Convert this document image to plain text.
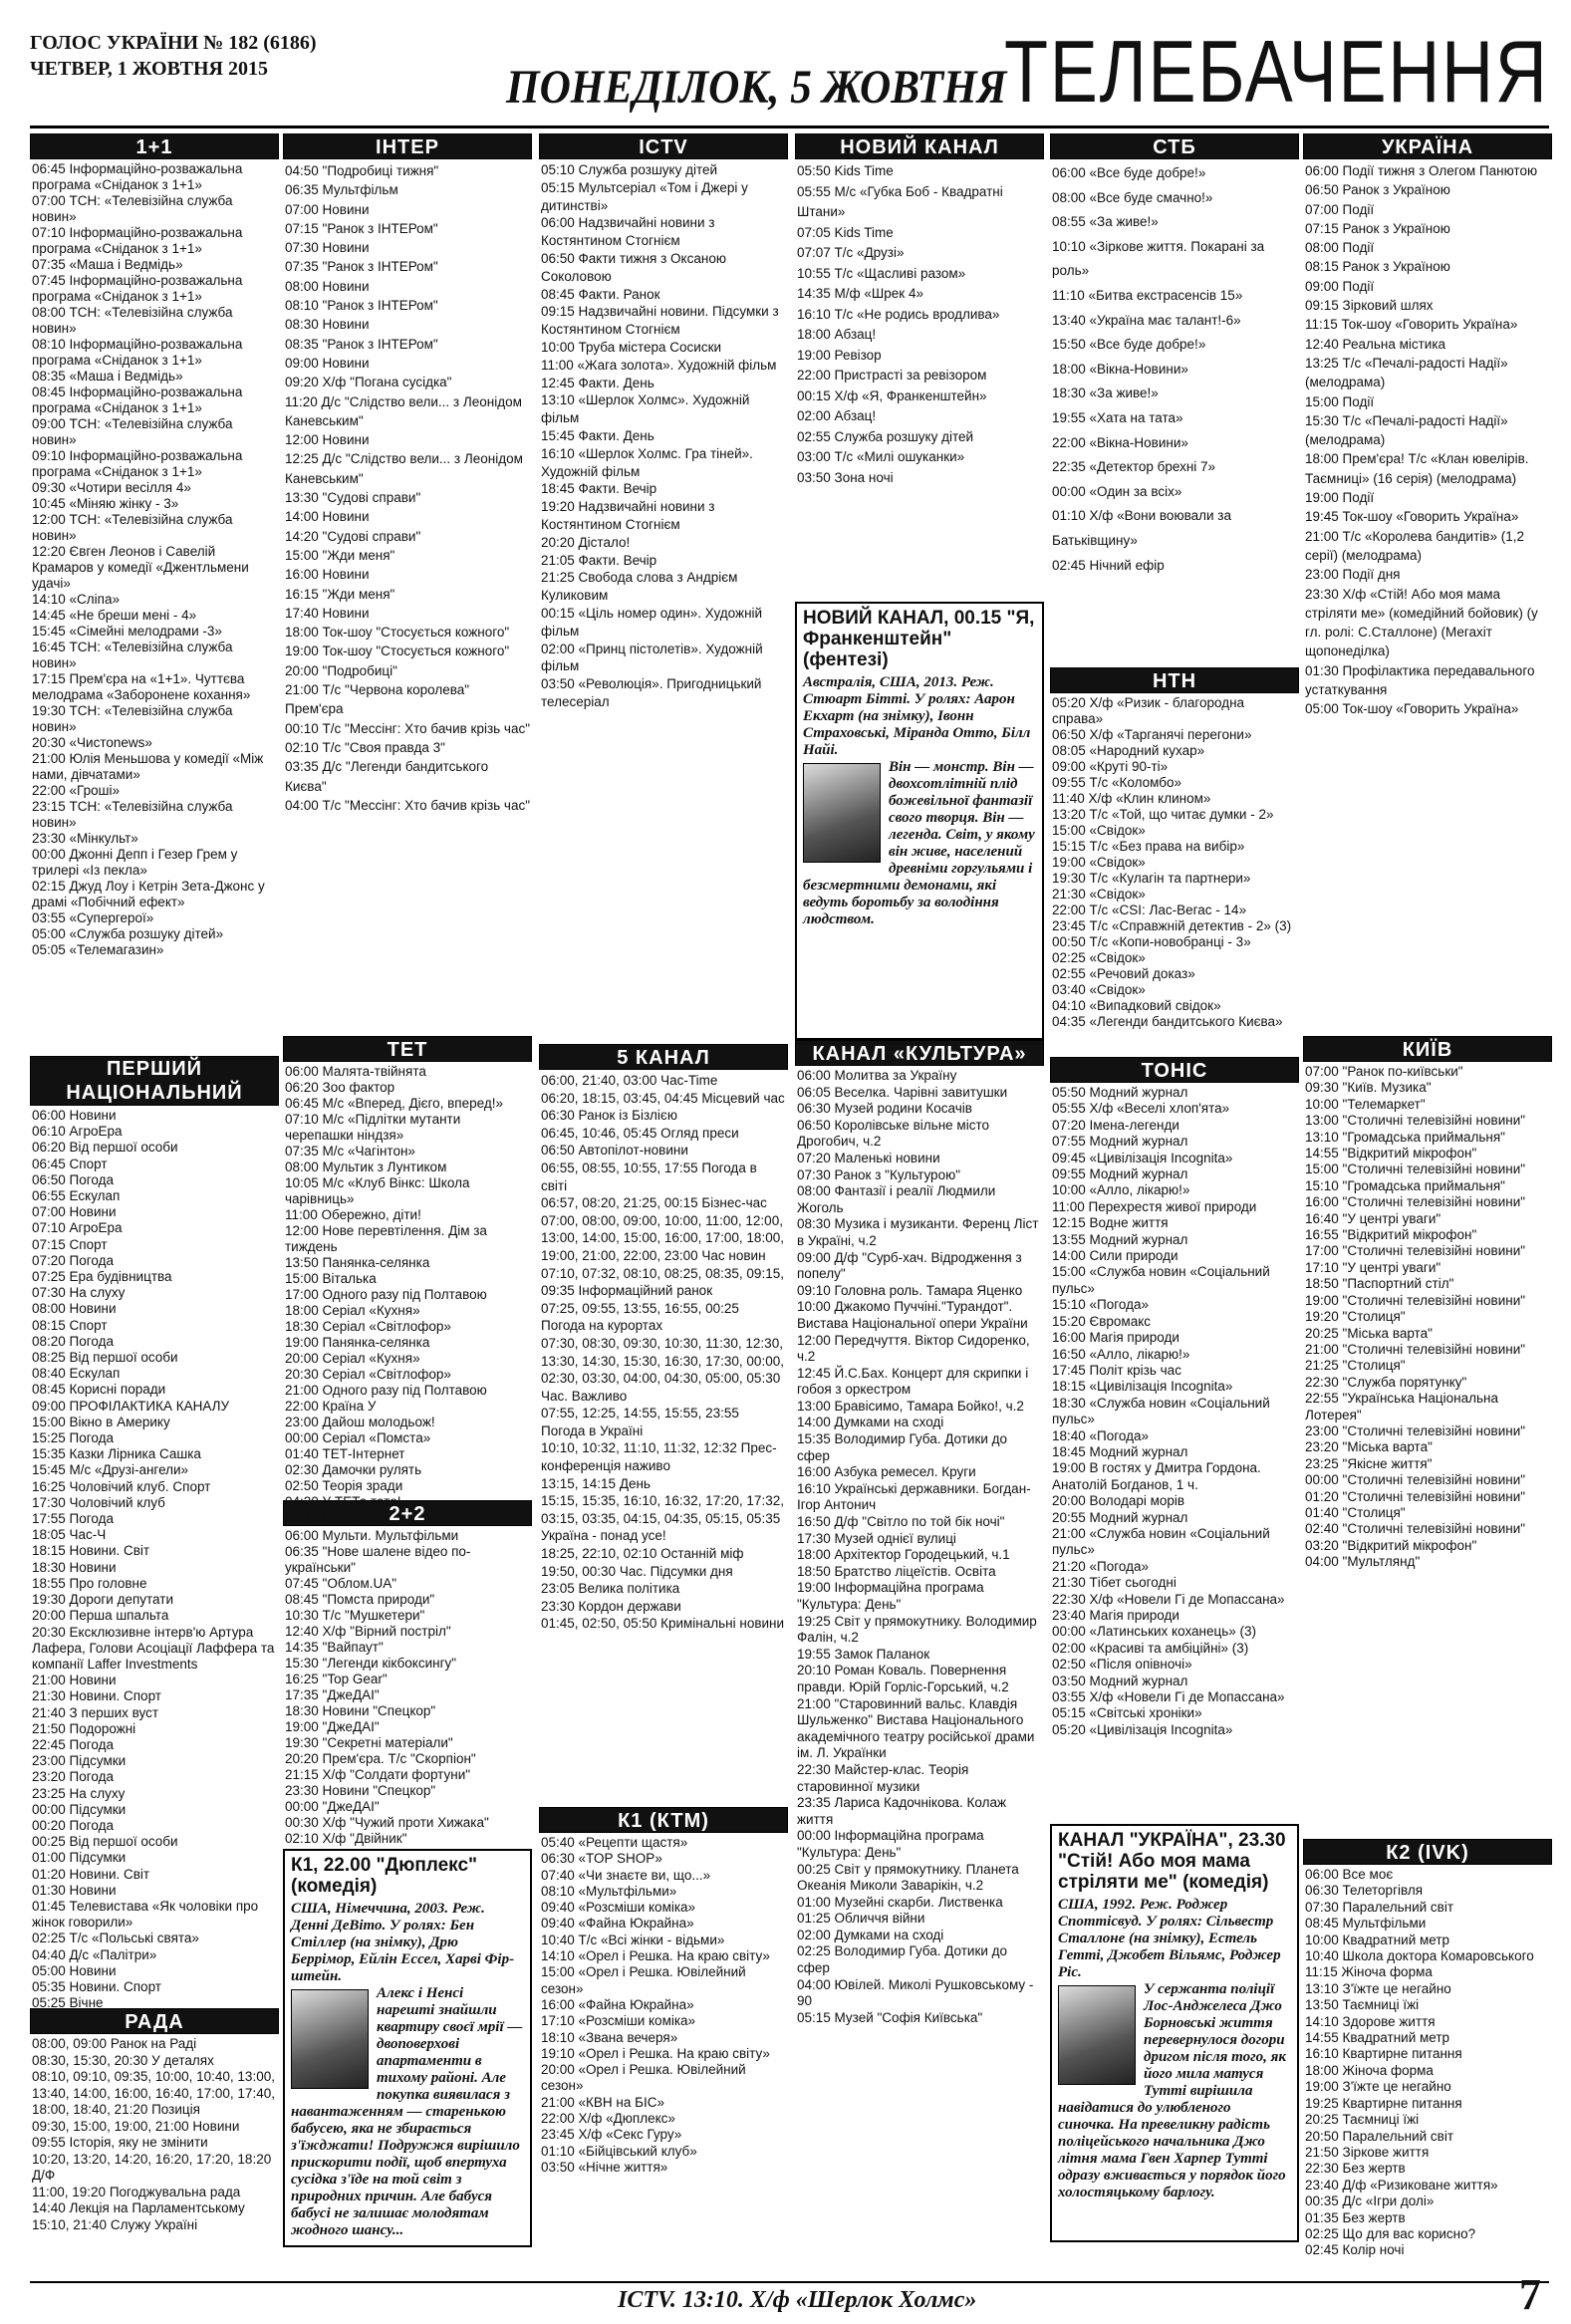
ГОЛОС УКРАЇНИ № 182 (6186)
ЧЕТВЕР, 1 ЖОВТНЯ 2015	ПОНЕДІЛОК, 5 ЖОВТНЯ
ТЕЛЕБАЧЕННЯ
1+1
06:45 Інформаційно-розважальна програма «Сніданок з 1+1»
07:00 ТСН: «Телевізійна служба новин»
07:10 Інформаційно-розважальна програма «Сніданок з 1+1»
07:35 «Маша і Ведмідь»
07:45 Інформаційно-розважальна програма «Сніданок з 1+1»
08:00 ТСН: «Телевізійна служба новин»
08:10 Інформаційно-розважальна програма «Сніданок з 1+1»
08:35 «Маша і Ведмідь»
08:45 Інформаційно-розважальна програма «Сніданок з 1+1»
09:00 ТСН: «Телевізійна служба новин»
09:10 Інформаційно-розважальна програма «Сніданок з 1+1»
09:30 «Чотири весілля 4»
10:45 «Міняю жінку - 3»
12:00 ТСН: «Телевізійна служба новин»
12:20 Євген Леонов і Савелій Крамаров у комедії «Джентльмени удачі»
14:10 «Сліпа»
14:45 «Не бреши мені - 4»
15:45 «Сімейні мелодрами -3»
16:45 ТСН: «Телевізійна служба новин»
17:15 Прем'єра на «1+1». Чуттєва мелодрама «Заборонене кохання»
19:30 ТСН: «Телевізійна служба новин»
20:30 «Чистоnews»
21:00 Юлія Меньшова у комедії «Між нами, дівчатами»
22:00 «Гроші»
23:15 ТСН: «Телевізійна служба новин»
23:30 «Мінкульт»
00:00 Джонні Депп і Гезер Грем у трилері «Із пекла»
02:15 Джуд Лоу і Кетрін Зета-Джонс у драмі «Побічний ефект»
03:55 «Супергерої»
05:00 «Служба розшуку дітей»
05:05 «Телемагазин»
ПЕРШИЙ НАЦІОНАЛЬНИЙ
06:00 Новини
06:10 АгроЕра
06:20 Від першої особи
06:45 Спорт
06:50 Погода
06:55 Ескулап
07:00 Новини
07:10 АгроЕра
07:15 Спорт
07:20 Погода
07:25 Ера будівництва
07:30 На слуху
08:00 Новини
08:15 Спорт
08:20 Погода
08:25 Від першої особи
08:40 Ескулап
08:45 Корисні поради
09:00 ПРОФІЛАКТИКА КАНАЛУ
15:00 Вікно в Америку
15:25 Погода
15:35 Казки Лірника Сашка
15:45 М/с «Друзі-ангели»
16:25 Чоловічий клуб. Спорт
17:30 Чоловічий клуб
17:55 Погода
18:05 Час-Ч
18:15 Новини. Світ
18:30 Новини
18:55 Про головне
19:30 Дороги депутати
20:00 Перша шпальта
20:30 Ексклюзивне інтерв'ю Артура Лафера, Голови Асоціації Лаффера та компанії Laffer Investments
21:00 Новини
21:30 Новини. Спорт
21:40 З перших вуст
21:50 Подорожні
22:45 Погода
23:00 Підсумки
23:20 Погода
23:25 На слуху
00:00 Підсумки
00:20 Погода
00:25 Від першої особи
01:00 Підсумки
01:20 Новини. Світ
01:30 Новини
01:45 Телевистава «Як чоловіки про жінок говорили»
02:25 Т/с «Польські свята»
04:40 Д/с «Палітри»
05:00 Новини
05:35 Новини. Спорт
05:25 Вічне
РАДА
08:00, 09:00 Ранок на Раді
08:30, 15:30, 20:30 У деталях
08:10, 09:10, 09:35, 10:00, 10:40, 13:00,
13:40, 14:00, 16:00, 16:40, 17:00, 17:40, 18:00, 18:40, 21:20 Позиція
09:30, 15:00, 19:00, 21:00 Новини
09:55 Історія, яку не змінити
10:20, 13:20, 14:20, 16:20, 17:20, 18:20 Д/Ф
11:00, 19:20 Погоджувальна рада
14:40 Лекція на Парламентському
15:10, 21:40 Служу Україні
ІНТЕР
04:50 "Подробиці тижня"
06:35 Мультфільм
07:00 Новини
07:15 "Ранок з ІНТЕРом"
07:30 Новини
07:35 "Ранок з ІНТЕРом"
08:00 Новини
08:10 "Ранок з ІНТЕРом"
08:30 Новини
08:35 "Ранок з ІНТЕРом"
09:00 Новини
09:20 Х/ф "Погана сусідка"
11:20 Д/с "Слідство вели... з Леонідом Каневським"
12:00 Новини
12:25 Д/с "Слідство вели... з Леонідом Каневським"
13:30 "Судові справи"
14:00 Новини
14:20 "Судові справи"
15:00 "Жди меня"
16:00 Новини
16:15 "Жди меня"
17:40 Новини
18:00 Ток-шоу "Стосується кожного"
19:00 Ток-шоу "Стосується кожного"
20:00 "Подробиці"
21:00 Т/с "Червона королева" Прем'єра
00:10 Т/с "Мессінг: Хто бачив крізь час"
02:10 Т/с "Своя правда 3"
03:35 Д/с "Легенди бандитського Києва"
04:00 Т/с "Мессінг: Хто бачив крізь час"
ТЕТ
06:00 Малята-твійнята
06:20 Зоо фактор
06:45 М/с «Вперед, Дієго, вперед!»
07:10 М/с «Підлітки мутанти черепашки ніндзя»
07:35 М/с «Чагінтон»
08:00 Мультик з Лунтиком
10:05 М/с «Клуб Вінкс: Школа чарівниць»
11:00 Обережно, діти!
12:00 Нове перевтілення. Дім за тиждень
13:50 Панянка-селянка
15:00 Віталька
17:00 Одного разу під Полтавою
18:00 Серіал «Кухня»
18:30 Серіал «Світлофор»
19:00 Панянка-селянка
20:00 Серіал «Кухня»
20:30 Серіал «Світлофор»
21:00 Одного разу під Полтавою
22:00 Країна У
23:00 Дайош молодьож!
00:00 Серіал «Помста»
01:40 ТЕТ-Інтернет
02:30 Дамочки рулять
02:50 Теорія зради
04:20 У ТЕТа тато!
05:10 Це любов 2+2
06:00 Мульти. Мультфільми
06:35 "Нове шалене відео по-українськи"
07:45 "Облом.UA"
08:45 "Помста природи"
10:30 Т/с "Мушкетери"
12:40 Х/ф "Вірний постріл"
14:35 "Вайпаут"
15:30 "Легенди кікбоксингу"
16:25 "Top Gear"
17:35 "ДжеДАІ"
18:30 Новини "Спецкор"
19:00 "ДжеДАІ"
19:30 "Секретні матеріали"
20:20 Прем'єра. Т/с "Скорпіон"
21:15 Х/ф "Солдати фортуни"
23:30 Новини "Спецкор"
00:00 "ДжеДАІ"
00:30 Х/ф "Чужий проти Хижака"
02:10 Х/ф "Двійник"
К1, 22.00 "Дюплекс" (комедія)
США, Німеччина, 2003. Реж. Денні ДеВіто. У ролях: Бен Стіллер (на знімку), Дрю Беррімор, Ейлін Ессел, Харві Фір-штейн.
Алекс і Ненсі нарешті знайшли квартиру своєї мрії — двоповерхові апартаменти в тихому районі. Але покупка виявилася з навантаженням — старенькою бабусею, яка не збирається з'їжджати! Подружжя вирішило прискорити події, щоб впертуха сусідка з'їде на той світ з природних причин. Але бабуся бабусі не залишає молодятам жодного шансу...
ICTV
05:10 Служба розшуку дітей
05:15 Мультсеріал «Том і Джері у дитинстві»
06:00 Надзвичайні новини з Костянтином Стогнієм
06:50 Факти тижня з Оксаною Соколовою
08:45 Факти. Ранок
09:15 Надзвичайні новини. Підсумки з Костянтином Стогнієм
10:00 Труба містера Сосиски
11:00 «Жага золота». Художній фільм
12:45 Факти. День
13:10 «Шерлок Холмс». Художній фільм
15:45 Факти. День
16:10 «Шерлок Холмс. Гра тіней». Художній фільм
18:45 Факти. Вечір
19:20 Надзвичайні новини з Костянтином Стогнієм
20:20 Дістало!
21:05 Факти. Вечір
21:25 Свобода слова з Андрієм Куликовим
00:15 «Ціль номер один». Художній фільм
02:00 «Принц пістолетів». Художній фільм
03:50 «Революція». Пригодницький телесеріал
5 КАНАЛ
06:00, 21:40, 03:00 Час-Time
06:20, 18:15, 03:45, 04:45 Місцевий час
06:30 Ранок із Бізлією
06:45, 10:46, 05:45 Огляд преси
06:50 Автопілот-новини
06:55, 08:55, 10:55, 17:55 Погода в світі
06:57, 08:20, 21:25, 00:15 Бізнес-час
07:00, 08:00, 09:00, 10:00, 11:00, 12:00, 13:00, 14:00, 15:00, 16:00, 17:00, 18:00, 19:00, 21:00, 22:00, 23:00 Час новин
07:10, 07:32, 08:10, 08:25, 08:35, 09:15, 09:35 Інформаційний ранок
07:25, 09:55, 13:55, 16:55, 00:25 Погода на курортах
07:30, 08:30, 09:30, 10:30, 11:30, 12:30, 13:30, 14:30, 15:30, 16:30, 17:30, 00:00, 02:30, 03:30, 04:00, 04:30, 05:00, 05:30 Час. Важливо
07:55, 12:25, 14:55, 15:55, 23:55 Погода в Україні
10:10, 10:32, 11:10, 11:32, 12:32 Прес-конференція наживо
13:15, 14:15 День
15:15, 15:35, 16:10, 16:32, 17:20, 17:32, 03:15, 03:35, 04:15, 04:35, 05:15, 05:35 Україна - понад усе!
18:25, 22:10, 02:10 Останній міф
19:50, 00:30 Час. Підсумки дня
23:05 Велика політика
23:30 Кордон держави
01:45, 02:50, 05:50 Кримінальні новини
К1 (КТМ)
05:40 «Рецепти щастя»
06:30 «TOP SHOP»
07:40 «Чи знаєте ви, що...»
08:10 «Мультфільми»
09:40 «Розсміши коміка»
09:40 «Файна Юкрайна»
10:40 Т/с «Всі жінки - відьми»
14:10 «Орел і Решка. На краю світу»
15:00 «Орел і Решка. Ювілейний сезон»
16:00 «Файна Юкрайна»
17:10 «Розсміши коміка»
18:10 «Звана вечеря»
19:10 «Орел і Решка. На краю світу»
20:00 «Орел і Решка. Ювілейний сезон»
21:00 «КВН на БІС»
22:00 Х/ф «Дюплекс»
23:45 Х/ф «Секс Гуру»
01:10 «Бійцівський клуб»
03:50 «Нічне життя»
НОВИЙ КАНАЛ
05:50 Kids Time
05:55 М/с «Губка Боб - Квадратні Штани»
07:05 Kids Time
07:07 Т/с «Друзі»
10:55 Т/с «Щасливі разом»
14:35 М/ф «Шрек 4»
16:10 Т/с «Не родись вродлива»
18:00 Абзац!
19:00 Ревізор
22:00 Пристрасті за ревізором
00:15 Х/ф «Я, Франкенштейн»
02:00 Абзац!
02:55 Служба розшуку дітей
03:00 Т/с «Милі ошуканки»
03:50 Зона ночі
НОВИЙ КАНАЛ, 00.15 "Я, Франкенштейн" (фентезі)
Австралія, США, 2013. Реж. Стюарт Бітті. У ролях: Аарон Екхарт (на знімку), Івонн Страховські, Міранда Отто, Білл Найі.
Він — монстр. Він — двохсотлітній плід божевільної фантазії свого творця. Він — легенда. Світ, у якому він живе, населений древніми горгульями і безсмертними демонами, які ведуть боротьбу за володіння людством.
КАНАЛ «КУЛЬТУРА»
06:00 Молитва за Україну
06:05 Веселка. Чарівні завитушки
06:30 Музей родини Косачів
06:50 Королівське вільне місто Дрогобич, ч.2
07:20 Маленькі новини
07:30 Ранок з "Культурою"
08:00 Фантазії і реалії Людмили Жоголь
08:30 Музика і музиканти. Ференц Ліст в Україні, ч.2
09:00 Д/ф "Сурб-хач. Відродження з попелу"
09:10 Головна роль. Тамара Яценко
10:00 Джакомо Пуччіні."Турандот". Вистава Національної опери України
12:00 Передчуття. Віктор Сидоренко, ч.2
12:45 Й.С.Бах. Концерт для скрипки і гобоя з оркестром
13:00 Бравісимо, Тамара Бойко!, ч.2
14:00 Думками на сході
15:35 Володимир Губа. Дотики до сфер
16:00 Азбука ремесел. Круги
16:10 Українські державники. Богдан-Ігор Антонич
16:50 Д/ф "Світло по той бік ночі"
17:30 Музей однієї вулиці
18:00 Архітектор Городецький, ч.1
18:50 Братство ліцеїстів. Освіта
19:00 Інформаційна програма "Культура: День"
19:25 Світ у прямокутнику. Володимир Фалін, ч.2
19:55 Замок Паланок
20:10 Роман Коваль. Повернення правди. Юрій Горліс-Горський, ч.2
21:00 "Старовинний вальс. Клавдія Шульженко" Вистава Національного академічного театру російської драми ім. Л. Українки
22:30 Майстер-клас. Теорія старовинної музики
23:35 Лариса Кадочнікова. Колаж життя
00:00 Інформаційна програма "Культура: День"
00:25 Світ у прямокутнику. Планета Океанія Миколи Заварікін, ч.2
01:00 Музейні скарби. Лиственка
01:25 Обличчя війни
02:00 Думками на сході
02:25 Володимир Губа. Дотики до сфер
04:00 Ювілей. Миколі Рушковському - 90
05:15 Музей "Софія Київська"
СТБ
06:00 «Все буде добре!»
08:00 «Все буде смачно!»
08:55 «За живе!»
10:10 «Зіркове життя. Покарані за роль»
11:10 «Битва екстрасенсів 15»
13:40 «Україна має талант!-6»
15:50 «Все буде добре!»
18:00 «Вікна-Новини»
18:30 «За живе!»
19:55 «Хата на тата»
22:00 «Вікна-Новини»
22:35 «Детектор брехні 7»
00:00 «Один за всіх»
01:10 Х/ф «Вони воювали за Батьківщину»
02:45 Нічний ефір
НТН
05:20 Х/ф «Ризик - благородна справа»
06:50 Х/ф «Тарганячі перегони»
08:05 «Народний кухар»
09:00 «Круті 90-ті»
09:55 Т/с «Коломбо»
11:40 Х/ф «Клин клином»
13:20 Т/с «Той, що читає думки - 2»
15:00 «Свідок»
15:15 Т/с «Без права на вибір»
19:00 «Свідок»
19:30 Т/с «Кулагін та партнери»
21:30 «Свідок»
22:00 Т/с «CSI: Лас-Вегас - 14»
23:45 Т/с «Справжній детектив - 2» (3)
00:50 Т/с «Копи-новобранці - 3»
02:25 «Свідок»
02:55 «Речовий доказ»
03:40 «Свідок»
04:10 «Випадковий свідок»
04:35 «Легенди бандитського Києва»
ТОНІС
05:50 Модний журнал
05:55 Х/ф «Веселі хлоп'ята»
07:20 Імена-легенди
07:55 Модний журнал
09:45 «Цивілізація Incognita»
09:55 Модний журнал
10:00 «Алло, лікарю!»
11:00 Перехрестя живої природи
12:15 Водне життя
13:55 Модний журнал
14:00 Сили природи
15:00 «Служба новин «Соціальний пульс»
15:10 «Погода»
15:20 Євромакс
16:00 Магія природи
16:50 «Алло, лікарю!»
17:45 Політ крізь час
18:15 «Цивілізація Incognita»
18:30 «Служба новин «Соціальний пульс»
18:40 «Погода»
18:45 Модний журнал
19:00 В гостях у Дмитра Гордона. Анатолій Богданов, 1 ч.
20:00 Володарі морів
20:55 Модний журнал
21:00 «Служба новин «Соціальний пульс»
21:20 «Погода»
21:30 Тібет сьогодні
22:30 Х/ф «Новели Гі де Мопассана»
23:40 Магія природи
00:00 «Латинських коханець» (3)
02:00 «Красиві та амбіційні» (3)
02:50 «Після опівночі»
03:50 Модний журнал
03:55 Х/ф «Новели Гі де Мопассана»
05:15 «Світські хроніки»
05:20 «Цивілізація Incognita»
КАНАЛ "УКРАЇНА", 23.30 "Стій! Або моя мама стріляти ме" (комедія)
США, 1992. Реж. Роджер Споттісвуд. У ролях: Сільвестр Сталлоне (на знімку), Естель Гетті, Джобет Вільямс, Роджер Ріс.
У сержанта поліції Лос-Анджелеса Джо Борновські життя перевернулося догори дригом після того, як його мила матуся Тутті вирішила навідатися до улюбленого синочка. На превеликну радість поліцейського начальника Джо літня мама Гвен Харпер Тутті одразу вживається у порядок його холостяцькому барлогу.
УКРАЇНА
06:00 Події тижня з Олегом Панютою
06:50 Ранок з Україною
07:00 Події
07:15 Ранок з Україною
08:00 Події
08:15 Ранок з Україною
09:00 Події
09:15 Зірковий шлях
11:15 Ток-шоу «Говорить Україна»
12:40 Реальна містика
13:25 Т/с «Печалі-радості Надії» (мелодрама)
15:00 Події
15:30 Т/с «Печалі-радості Надії» (мелодрама)
18:00 Прем'єра! Т/с «Клан ювелірів. Таємниці» (16 серія) (мелодрама)
19:00 Події
19:45 Ток-шоу «Говорить Україна»
21:00 Т/с «Королева бандитів» (1,2 серії) (мелодрама)
23:00 Події дня
23:30 Х/ф «Стій! Або моя мама стріляти ме» (комедійний бойовик) (у гл. ролі: С.Сталлоне) (Мегахіт щопонеділка)
01:30 Профілактика передавального устаткування
05:00 Ток-шоу «Говорить Україна»
КИЇВ
07:00 "Ранок по-київськи"
09:30 "Київ. Музика"
10:00 "Телемаркет"
13:00 "Столичні телевізійні новини"
13:10 "Громадська приймальня"
14:55 "Відкритий мікрофон"
15:00 "Столичні телевізійні новини"
15:10 "Громадська приймальня"
16:00 "Столичні телевізійні новини"
16:40 "У центрі уваги"
16:55 "Відкритий мікрофон"
17:00 "Столичні телевізійні новини"
17:10 "У центрі уваги"
18:50 "Паспортний стіл"
19:00 "Столичні телевізійні новини"
19:20 "Столиця"
20:25 "Міська варта"
21:00 "Столичні телевізійні новини"
21:25 "Столиця"
22:30 "Служба порятунку"
22:55 "Українська Національна Лотерея"
23:00 "Столичні телевізійні новини"
23:20 "Міська варта"
23:25 "Якісне життя"
00:00 "Столичні телевізійні новини"
01:20 "Столичні телевізійні новини"
01:40 "Столиця"
02:40 "Столичні телевізійні новини"
03:20 "Відкритий мікрофон"
04:00 "Мультлянд"
К2 (IVK)
06:00 Все моє
06:30 Телеторгівля
07:30 Паралельний світ
08:45 Мультфільми
10:00 Квадратний метр
10:40 Школа доктора Комаровського
11:15 Жіноча форма
13:10 З'їжте це негайно
13:50 Таємниці їжі
14:10 Здорове життя
14:55 Квадратний метр
16:10 Квартирне питання
18:00 Жіноча форма
19:00 З'їжте це негайно
19:25 Квартирне питання
20:25 Таємниці їжі
20:50 Паралельний світ
21:50 Зіркове життя
22:30 Без жертв
23:40 Д/ф «Ризиковане життя»
00:35 Д/с «Ігри долі»
01:35 Без жертв
02:25 Що для вас корисно?
02:45 Колір ночі
ICTV. 13:10. Х/ф «Шерлок Холмс»	7
